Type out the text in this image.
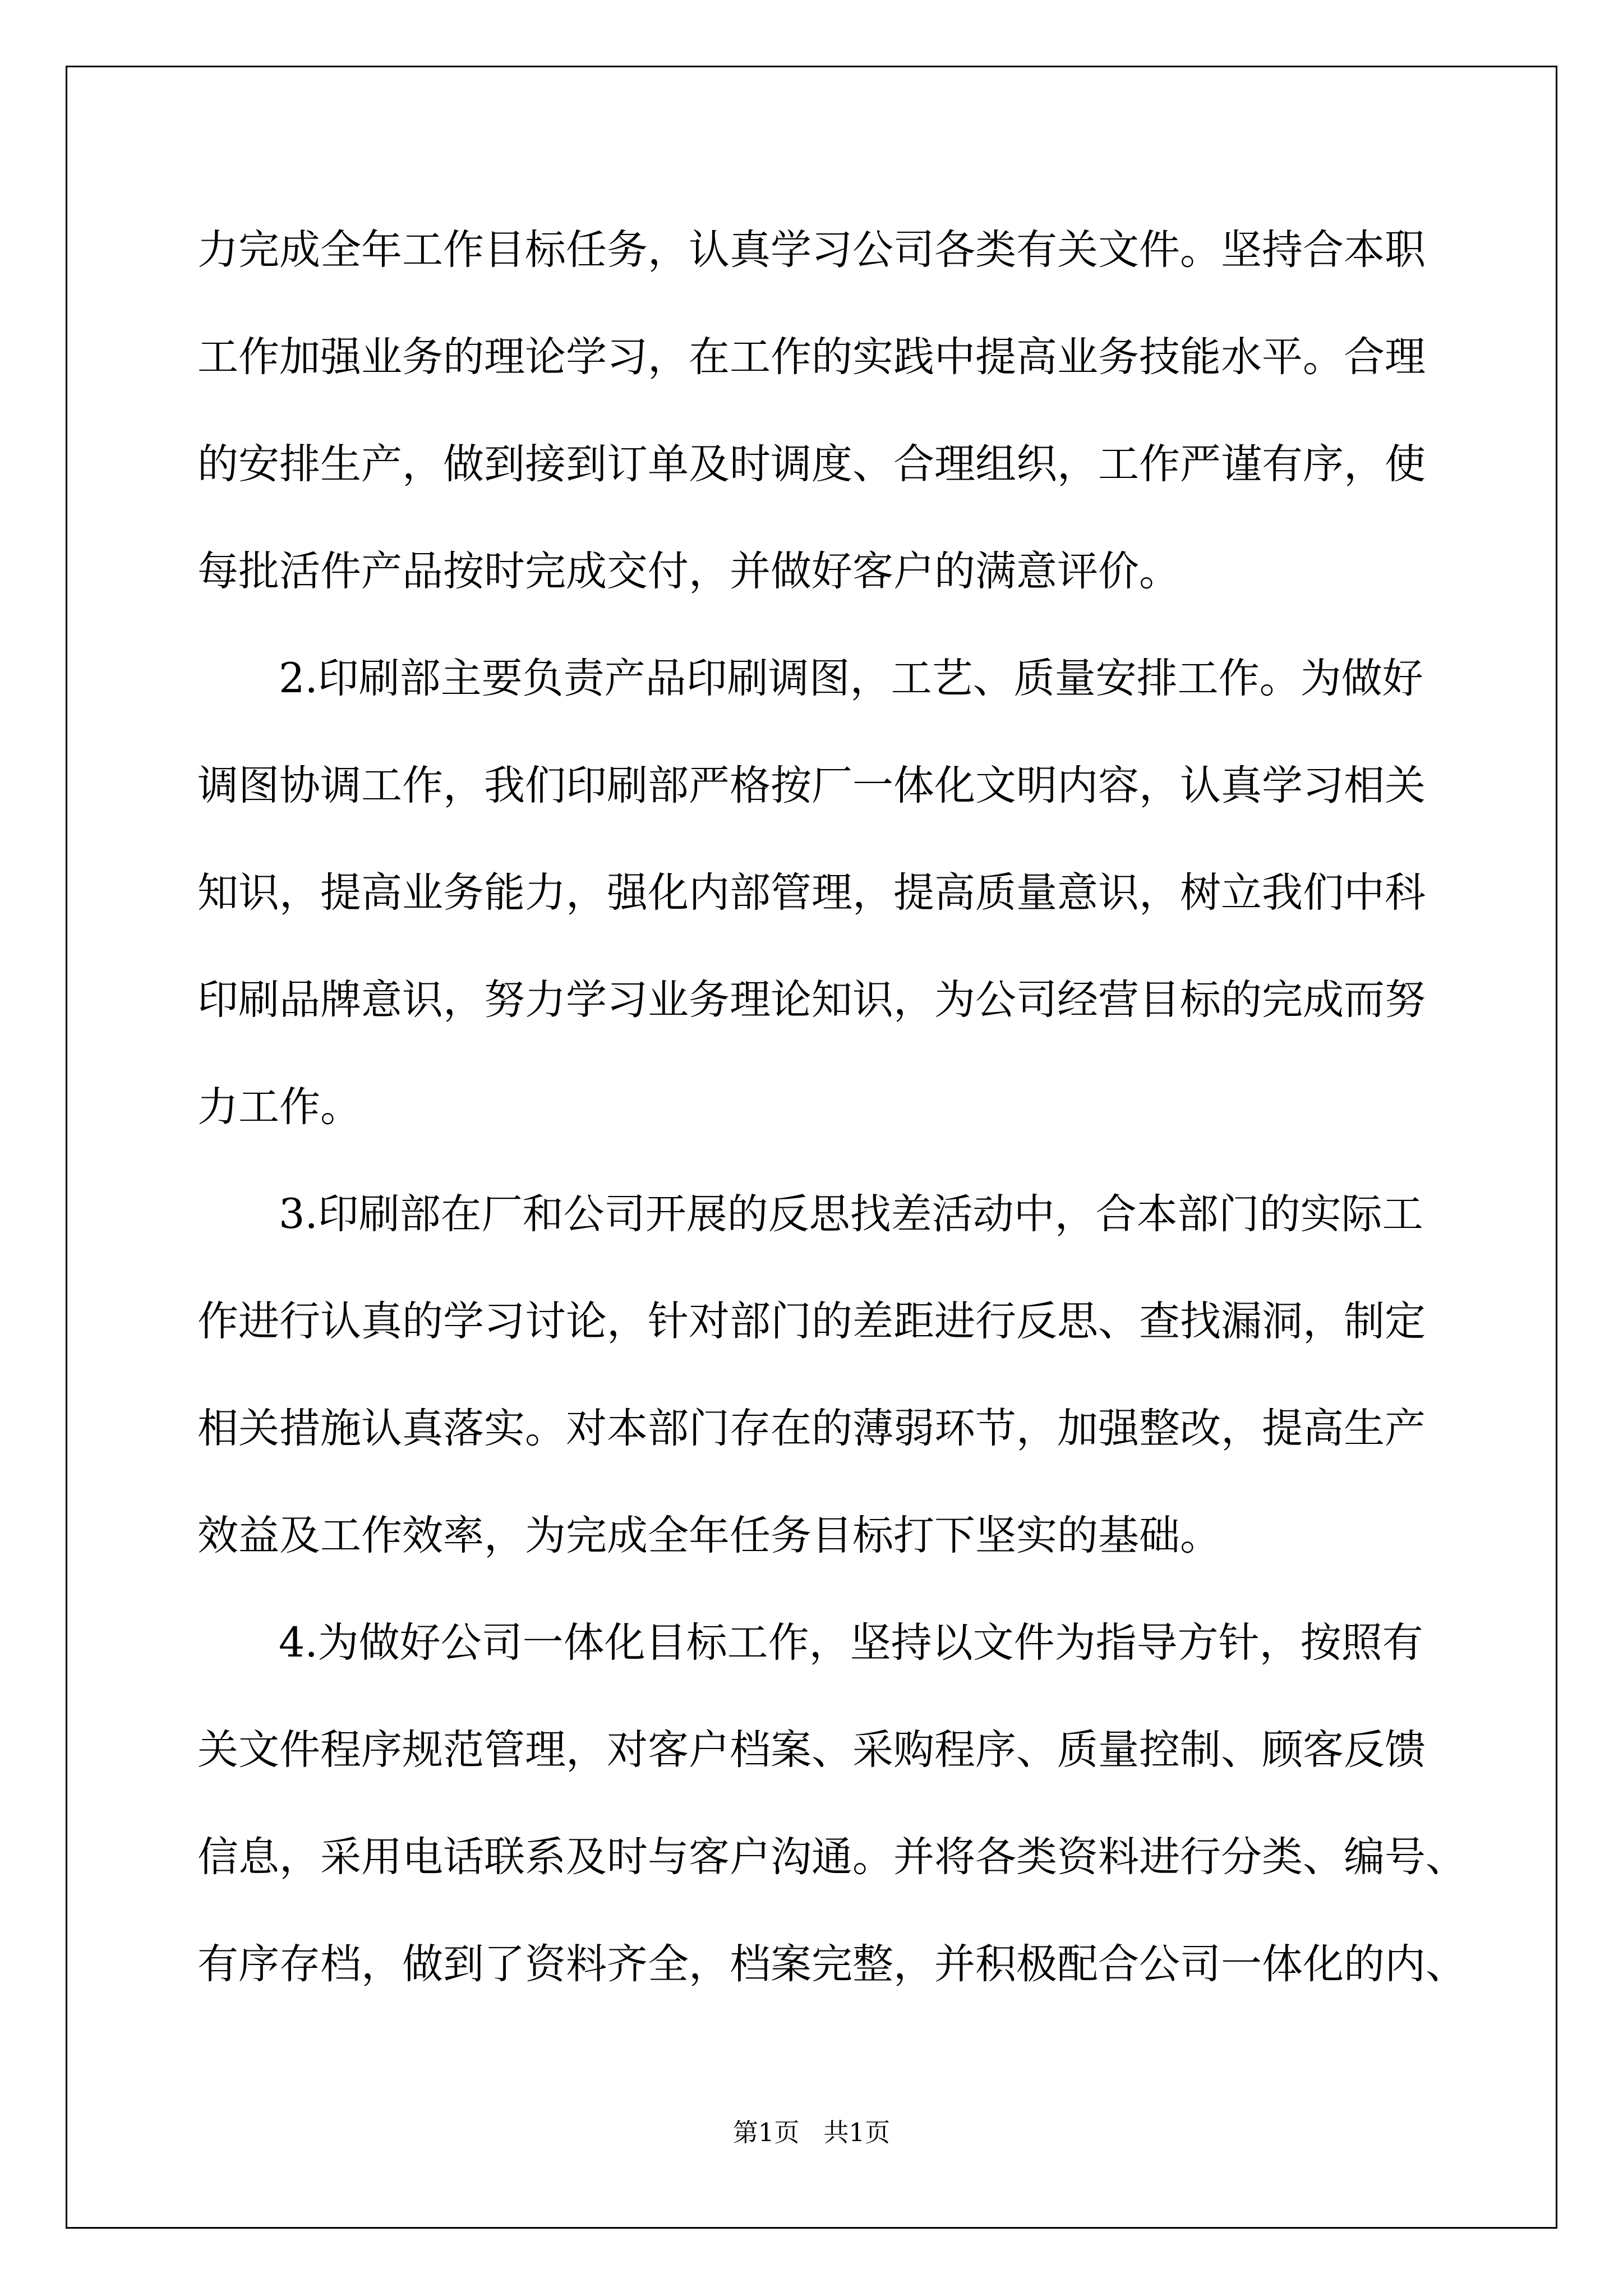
力完成全年工作目标任务，认真学习公司各类有关文件。坚持合本职
工作加强业务的理论学习，在工作的实践中提高业务技能水平。合理
的安排生产，做到接到订单及时调度、合理组织，工作严谨有序，使
每批活件产品按时完成交付，并做好客户的满意评价。
2.印刷部主要负责产品印刷调图，工艺、质量安排工作。为做好
调图协调工作，我们印刷部严格按厂一体化文明内容，认真学习相关
知识，提高业务能力，强化内部管理，提高质量意识，树立我们中科
印刷品牌意识，努力学习业务理论知识，为公司经营目标的完成而努
力工作。
3.印刷部在厂和公司开展的反思找差活动中，合本部门的实际工
作进行认真的学习讨论，针对部门的差距进行反思、查找漏洞，制定
相关措施认真落实。对本部门存在的薄弱环节，加强整改，提高生产
效益及工作效率，为完成全年任务目标打下坚实的基础。
4.为做好公司一体化目标工作，坚持以文件为指导方针，按照有
关文件程序规范管理，对客户档案、采购程序、质量控制、顾客反馈
信息，采用电话联系及时与客户沟通。并将各类资料进行分类、编号、
有序存档，做到了资料齐全，档案完整，并积极配合公司一体化的内、
第1页   共1页
